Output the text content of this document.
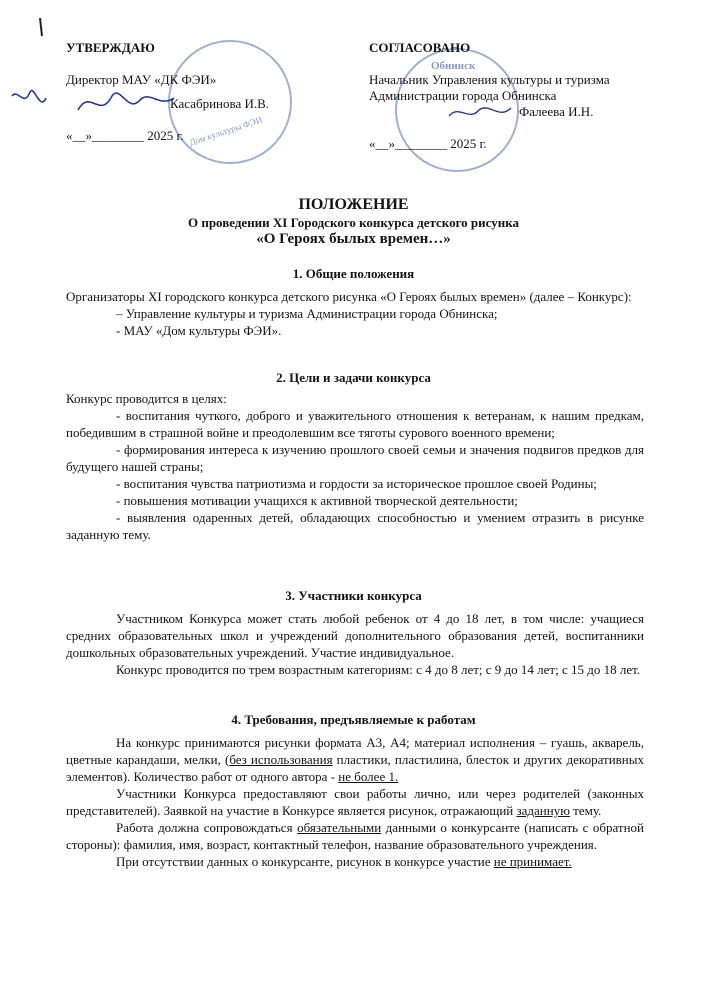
Дом культуры ФЭИ
Обнинск
УТВЕРЖДАЮ
Директор МАУ «ДК ФЭИ»
Касабринова И.В.
«__»________ 2025 г.
СОГЛАСОВАНО
Начальник Управления культуры и туризма
Администрации города Обнинска
Фалеева И.Н.
«__»________ 2025 г.
ПОЛОЖЕНИЕ
О проведении XI Городского конкурса детского рисунка
«О Героях былых времен…»
1. Общие положения
Организаторы XI городского конкурса детского рисунка «О Героях былых времен» (далее – Конкурс):
– Управление культуры и туризма Администрации города Обнинска;
- МАУ «Дом культуры ФЭИ».
2. Цели и задачи конкурса
Конкурс проводится в целях:
- воспитания чуткого, доброго и уважительного отношения к ветеранам, к нашим предкам, победившим в страшной войне и преодолевшим все тяготы сурового военного времени;
- формирования интереса к изучению прошлого своей семьи и значения подвигов предков для будущего нашей страны;
- воспитания чувства патриотизма и гордости за историческое прошлое своей Родины;
- повышения мотивации учащихся к активной творческой деятельности;
- выявления одаренных детей, обладающих способностью и умением отразить в рисунке заданную тему.
3. Участники конкурса
Участником Конкурса может стать любой ребенок от 4 до 18 лет, в том числе: учащиеся средних образовательных школ и учреждений дополнительного образования детей, воспитанники дошкольных образовательных учреждений. Участие индивидуальное.
Конкурс проводится по трем возрастным категориям: с 4 до 8 лет; с 9 до 14 лет; с 15 до 18 лет.
4. Требования, предъявляемые к работам
На конкурс принимаются рисунки формата А3, А4; материал исполнения – гуашь, акварель, цветные карандаши, мелки, (без использования пластики, пластилина, блесток и других декоративных элементов). Количество работ от одного автора - не более 1.
Участники Конкурса предоставляют свои работы лично, или через родителей (законных представителей). Заявкой на участие в Конкурсе является рисунок, отражающий заданную тему.
Работа должна сопровождаться обязательными данными о конкурсанте (написать с обратной стороны): фамилия, имя, возраст, контактный телефон, название образовательного учреждения.
При отсутствии данных о конкурсанте, рисунок в конкурсе участие не принимает.
